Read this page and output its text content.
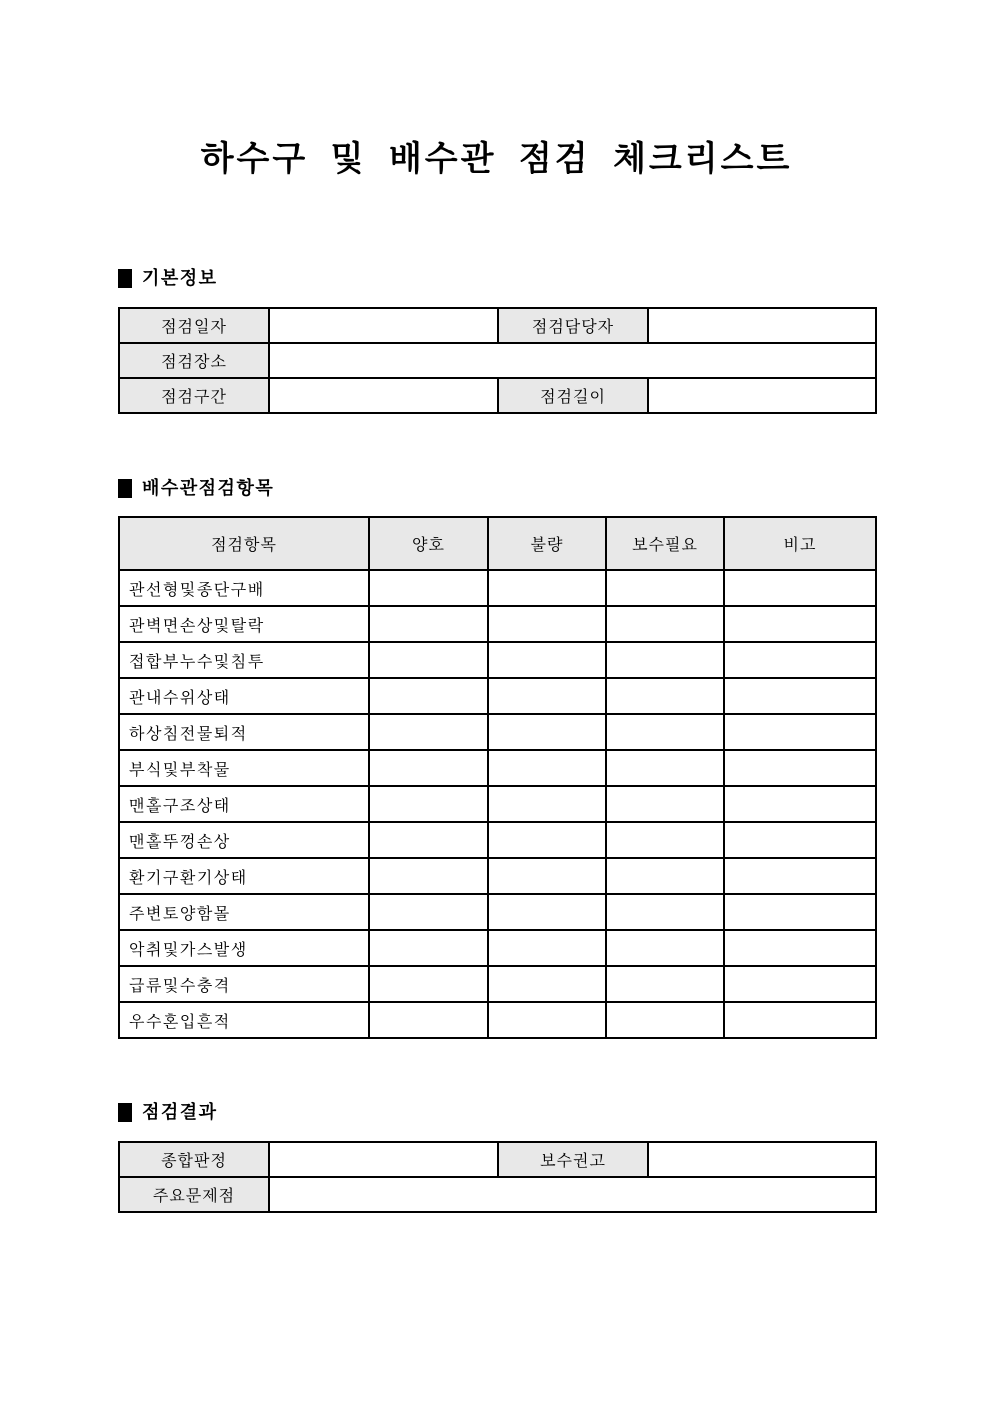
하수구 및 배수관 점검 체크리스트
기본정보
점검일자		점검담당자	
점검장소			
점검구간		점검길이	
배수관점검항목
점검항목	양호	불량	보수필요	비고
관선형및종단구배				
관벽면손상및탈락				
접합부누수및침투				
관내수위상태				
하상침전물퇴적				
부식및부착물				
맨홀구조상태				
맨홀뚜껑손상				
환기구환기상태				
주변토양함몰				
악취및가스발생				
급류및수충격				
우수혼입흔적				
점검결과
종합판정		보수권고	
주요문제점			
